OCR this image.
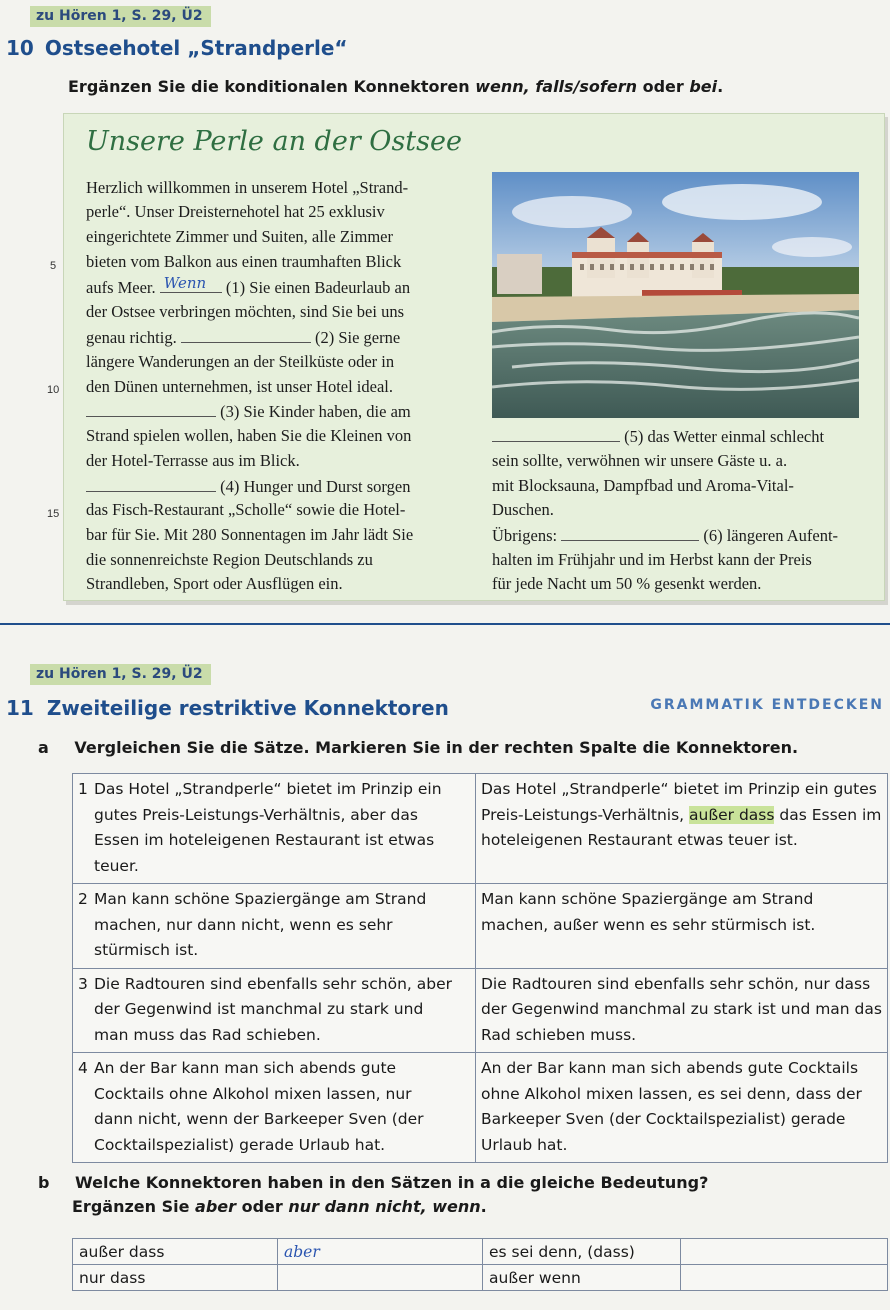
zu Hören 1, S. 29, Ü2
10 Ostseehotel „Strandperle“
Ergänzen Sie die konditionalen Konnektoren wenn, falls/sofern oder bei.
Unsere Perle an der Ostsee
Herzlich willkommen in unserem Hotel „Strand-
perle“. Unser Dreisternehotel hat 25 exklusiv
eingerichtete Zimmer und Suiten, alle Zimmer
bieten vom Balkon aus einen traumhaften Blick
aufs Meer. Wenn (1) Sie einen Badeurlaub an
der Ostsee verbringen möchten, sind Sie bei uns
genau richtig.	(2) Sie gerne
längere Wanderungen an der Steilküste oder in
den Dünen unternehmen, ist unser Hotel ideal.
(3) Sie Kinder haben, die am
Strand spielen wollen, haben Sie die Kleinen von
der Hotel-Terrasse aus im Blick.
(4) Hunger und Durst sorgen
das Fisch-Restaurant „Scholle“ sowie die Hotel-
bar für Sie. Mit 280 Sonnentagen im Jahr lädt Sie
die sonnenreichste Region Deutschlands zu
Strandleben, Sport oder Ausflügen ein.
5
10
15
(5) das Wetter einmal schlecht
sein sollte, verwöhnen wir unsere Gäste u. a.
mit Blocksauna, Dampfbad und Aroma-Vital-
Duschen.
Übrigens:	(6) längeren Aufent-
halten im Frühjahr und im Herbst kann der Preis
für jede Nacht um 50 % gesenkt werden.
zu Hören 1, S. 29, Ü2
11 Zweiteilige restriktive Konnektoren	GRAMMATIK ENTDECKEN
a Vergleichen Sie die Sätze. Markieren Sie in der rechten Spalte die Konnektoren.
1 Das Hotel „Strandperle“ bietet im Prinzip ein
gutes Preis-Leistungs-Verhältnis, aber das
Essen im hoteleigenen Restaurant ist etwas
teuer.	Das Hotel „Strandperle“ bietet im Prinzip ein gutes Preis-Leistungs-Verhältnis, außer dass das Essen im hoteleigenen Restaurant etwas teuer ist.
2 Man kann schöne Spaziergänge am Strand
machen, nur dann nicht, wenn es sehr
stürmisch ist.	Man kann schöne Spaziergänge am Strand machen, außer wenn es sehr stürmisch ist.
3 Die Radtouren sind ebenfalls sehr schön, aber
der Gegenwind ist manchmal zu stark und
man muss das Rad schieben.	Die Radtouren sind ebenfalls sehr schön, nur dass der Gegenwind manchmal zu stark ist und man das Rad schieben muss.
4 An der Bar kann man sich abends gute
Cocktails ohne Alkohol mixen lassen, nur
dann nicht, wenn der Barkeeper Sven (der
Cocktailspezialist) gerade Urlaub hat.	An der Bar kann man sich abends gute Cocktails ohne Alkohol mixen lassen, es sei denn, dass der Barkeeper Sven (der Cocktailspezialist) gerade Urlaub hat.
b Welche Konnektoren haben in den Sätzen in a die gleiche Bedeutung?
Ergänzen Sie aber oder nur dann nicht, wenn.
außer dass	aber	es sei denn, (dass)	
nur dass		außer wenn	
